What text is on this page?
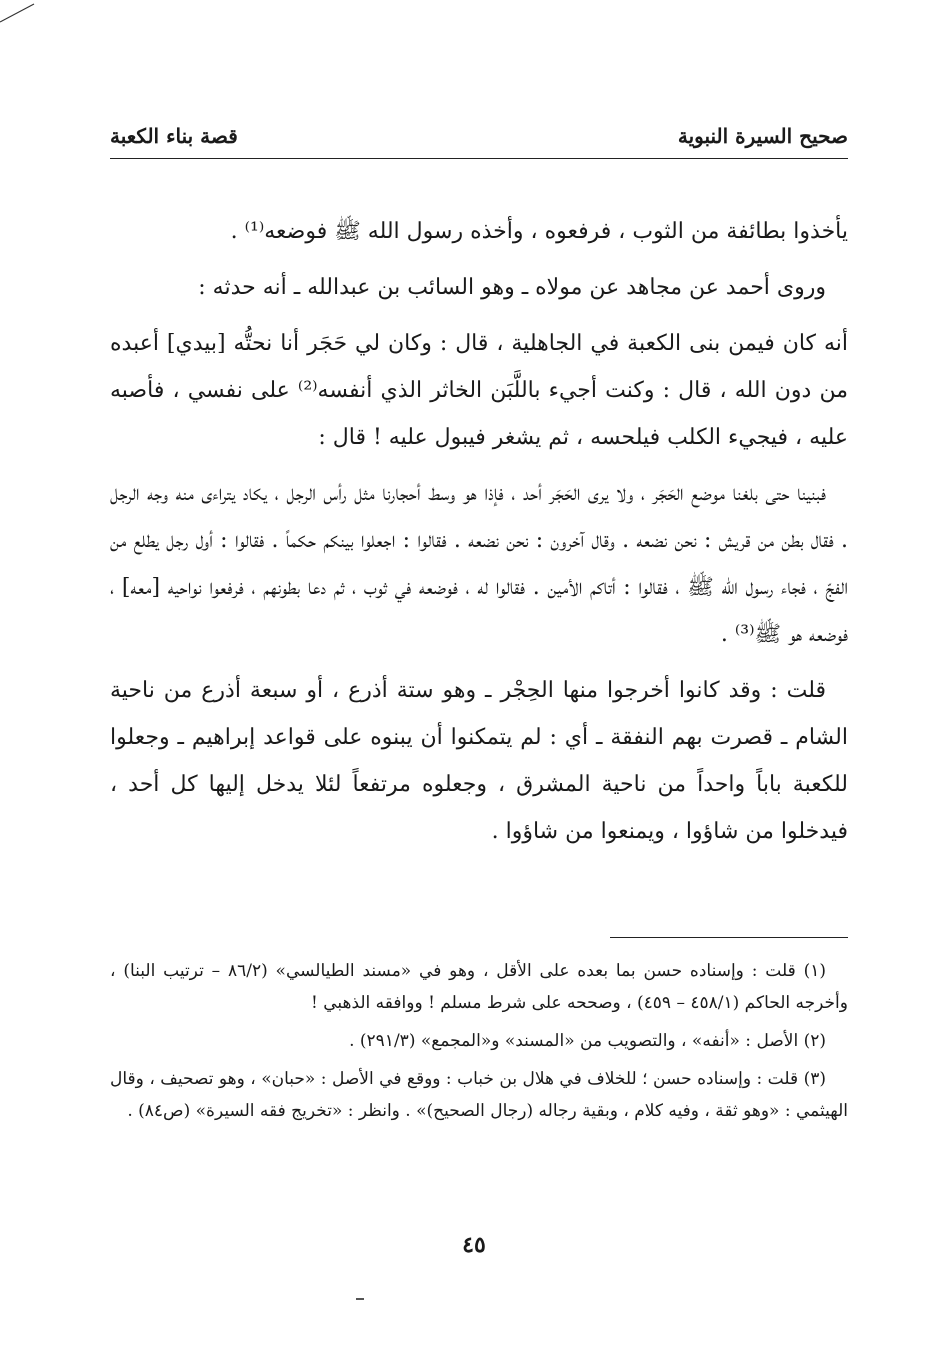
صحيح السيرة النبوية
قصة بناء الكعبة

يأخذوا بطائفة من الثوب ، فرفعوه ، وأخذه رسول الله ﷺ فوضعه⁽¹⁾ .

وروى أحمد عن مجاهد عن مولاه ـ وهو السائب بن عبدالله ـ أنه حدثه :

أنه كان فيمن بنى الكعبة في الجاهلية ، قال : وكان لي حَجَر أنا نحتُّه [بيدي] أعبده من دون الله ، قال : وكنت أجيء باللَّبَن الخاثر الذي أنفسه⁽²⁾ على نفسي ، فأصبه عليه ، فيجيء الكلب فيلحسه ، ثم يشغر فيبول عليه ! قال :

فبنينا حتى بلغنا موضع الحَجَر ، ولا يرى الحَجَر أحد ، فإذا هو وسط أحجارنا مثل رأس الرجل ، يكاد يتراءى منه وجه الرجل . فقال بطن من قريش : نحن نضعه . وقال آخرون : نحن نضعه . فقالوا : اجعلوا بينكم حكماً . فقالوا : أول رجل يطلع من الفجّ ، فجاء رسول الله ﷺ ، فقالوا : أتاكم الأمين . فقالوا له ، فوضعه في ثوب ، ثم دعا بطونهم ، فرفعوا نواحيه [معه] ، فوضعه هو ﷺ⁽³⁾ .

قلت : وقد كانوا أخرجوا منها الحِجْر ـ وهو ستة أذرع ، أو سبعة أذرع من ناحية الشام ـ قصرت بهم النفقة ـ أي : لم يتمكنوا أن يبنوه على قواعد إبراهيم ـ وجعلوا للكعبة باباً واحداً من ناحية المشرق ، وجعلوه مرتفعاً لئلا يدخل إليها كل أحد ، فيدخلوا من شاؤوا ، ويمنعوا من شاؤوا .

(١) قلت : وإسناده حسن بما بعده على الأقل ، وهو في «مسند الطيالسي» (٨٦/٢ – ترتيب البنا) ، وأخرجه الحاكم (٤٥٨/١ – ٤٥٩) ، وصححه على شرط مسلم ! ووافقه الذهبي !

(٢) الأصل : «أنفه» ، والتصويب من «المسند» و«المجمع» (٢٩١/٣) .

(٣) قلت : وإسناده حسن ؛ للخلاف في هلال بن خباب : ووقع في الأصل : «حبان» ، وهو تصحيف ، وقال الهيثمي : «وهو ثقة ، وفيه كلام ، وبقية رجاله (رجال الصحيح)» . وانظر : «تخريج فقه السيرة» (ص٨٤) .

٤٥
